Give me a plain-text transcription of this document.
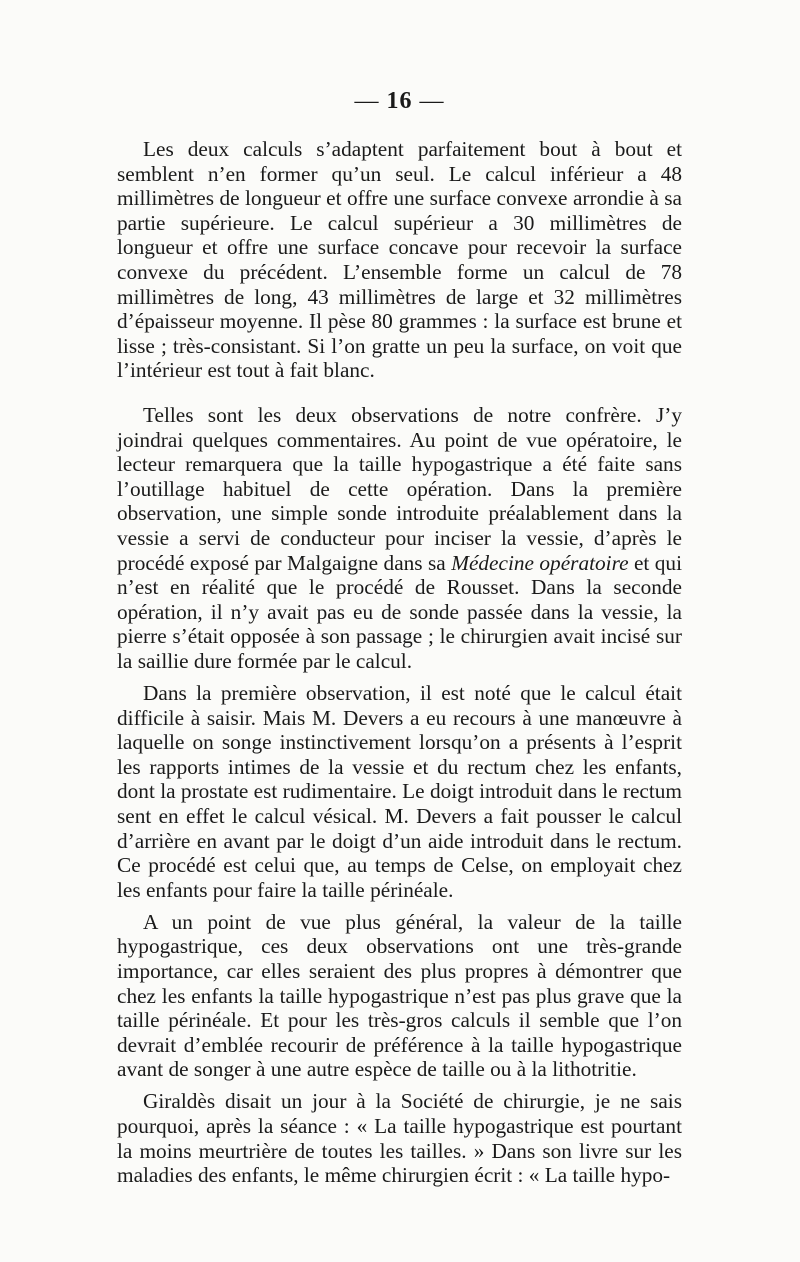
— 16 —

Les deux calculs s’adaptent parfaitement bout à bout et semblent n’en former qu’un seul. Le calcul inférieur a 48 millimètres de longueur et offre une surface convexe arrondie à sa partie supérieure. Le calcul supérieur a 30 millimètres de longueur et offre une surface concave pour recevoir la surface convexe du précédent. L’ensemble forme un calcul de 78 millimètres de long, 43 millimètres de large et 32 millimètres d’épaisseur moyenne. Il pèse 80 grammes : la surface est brune et lisse ; très-consistant. Si l’on gratte un peu la surface, on voit que l’intérieur est tout à fait blanc.

Telles sont les deux observations de notre confrère. J’y joindrai quelques commentaires. Au point de vue opératoire, le lecteur remarquera que la taille hypogastrique a été faite sans l’outillage habituel de cette opération. Dans la première observation, une simple sonde introduite préalablement dans la vessie a servi de conducteur pour inciser la vessie, d’après le procédé exposé par Malgaigne dans sa Médecine opératoire et qui n’est en réalité que le procédé de Rousset. Dans la seconde opération, il n’y avait pas eu de sonde passée dans la vessie, la pierre s’était opposée à son passage ; le chirurgien avait incisé sur la saillie dure formée par le calcul.

Dans la première observation, il est noté que le calcul était difficile à saisir. Mais M. Devers a eu recours à une manœuvre à laquelle on songe instinctivement lorsqu’on a présents à l’esprit les rapports intimes de la vessie et du rectum chez les enfants, dont la prostate est rudimentaire. Le doigt introduit dans le rectum sent en effet le calcul vésical. M. Devers a fait pousser le calcul d’arrière en avant par le doigt d’un aide introduit dans le rectum. Ce procédé est celui que, au temps de Celse, on employait chez les enfants pour faire la taille périnéale.

A un point de vue plus général, la valeur de la taille hypogastrique, ces deux observations ont une très-grande importance, car elles seraient des plus propres à démontrer que chez les enfants la taille hypogastrique n’est pas plus grave que la taille périnéale. Et pour les très-gros calculs il semble que l’on devrait d’emblée recourir de préférence à la taille hypogastrique avant de songer à une autre espèce de taille ou à la lithotritie.

Giraldès disait un jour à la Société de chirurgie, je ne sais pourquoi, après la séance : « La taille hypogastrique est pourtant la moins meurtrière de toutes les tailles. » Dans son livre sur les maladies des enfants, le même chirurgien écrit : « La taille hypo-
